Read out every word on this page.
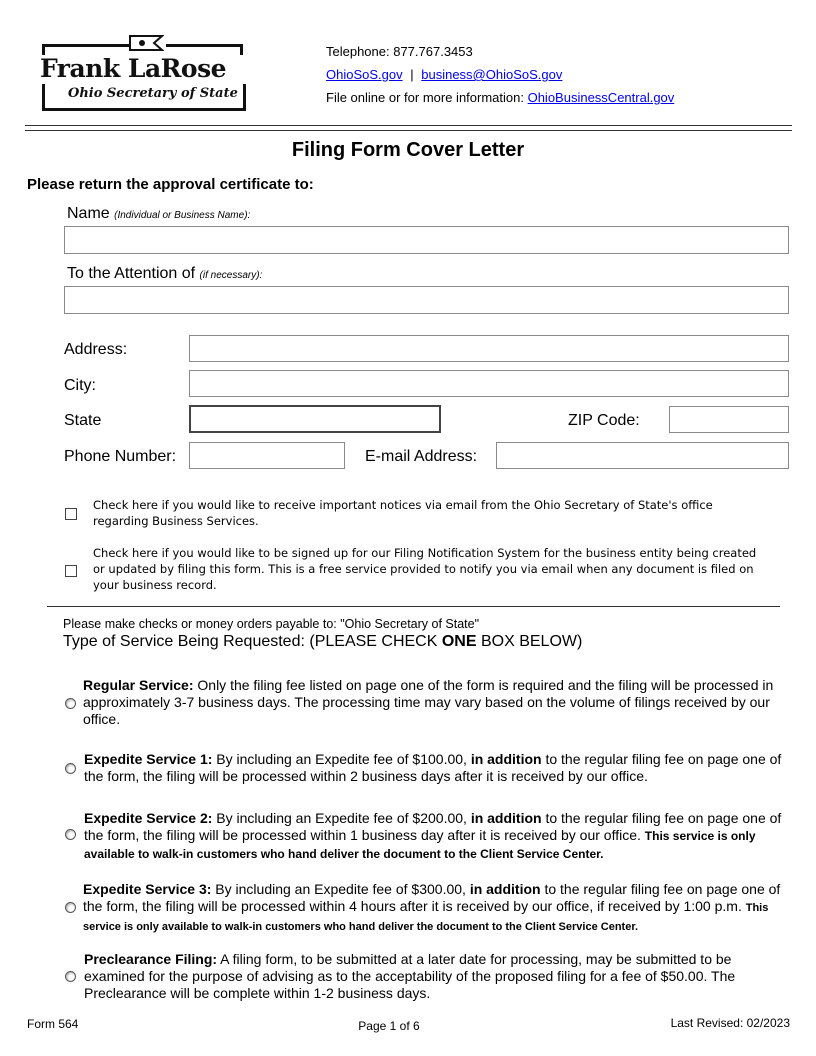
Frank LaRose
Ohio Secretary of State
Telephone: 877.767.3453
OhioSoS.gov | business@OhioSoS.gov
File online or for more information: OhioBusinessCentral.gov
Filing Form Cover Letter
Please return the approval certificate to:
Name (Individual or Business Name):
To the Attention of (if necessary):
Address:
City:
State	ZIP Code:
Phone Number:	E-mail Address:
Check here if you would like to receive important notices via email from the Ohio Secretary of State's office regarding Business Services.
Check here if you would like to be signed up for our Filing Notification System for the business entity being created or updated by filing this form. This is a free service provided to notify you via email when any document is filed on your business record.
Please make checks or money orders payable to: "Ohio Secretary of State"
Type of Service Being Requested: (PLEASE CHECK ONE BOX BELOW)
Regular Service: Only the filing fee listed on page one of the form is required and the filing will be processed in approximately 3-7 business days. The processing time may vary based on the volume of filings received by our office.
Expedite Service 1: By including an Expedite fee of $100.00, in addition to the regular filing fee on page one of the form, the filing will be processed within 2 business days after it is received by our office.
Expedite Service 2: By including an Expedite fee of $200.00, in addition to the regular filing fee on page one of the form, the filing will be processed within 1 business day after it is received by our office. This service is only available to walk-in customers who hand deliver the document to the Client Service Center.
Expedite Service 3: By including an Expedite fee of $300.00, in addition to the regular filing fee on page one of the form, the filing will be processed within 4 hours after it is received by our office, if received by 1:00 p.m. This service is only available to walk-in customers who hand deliver the document to the Client Service Center.
Preclearance Filing: A filing form, to be submitted at a later date for processing, may be submitted to be examined for the purpose of advising as to the acceptability of the proposed filing for a fee of $50.00. The Preclearance will be complete within 1-2 business days.
Form 564	Page 1 of 6	Last Revised: 02/2023
